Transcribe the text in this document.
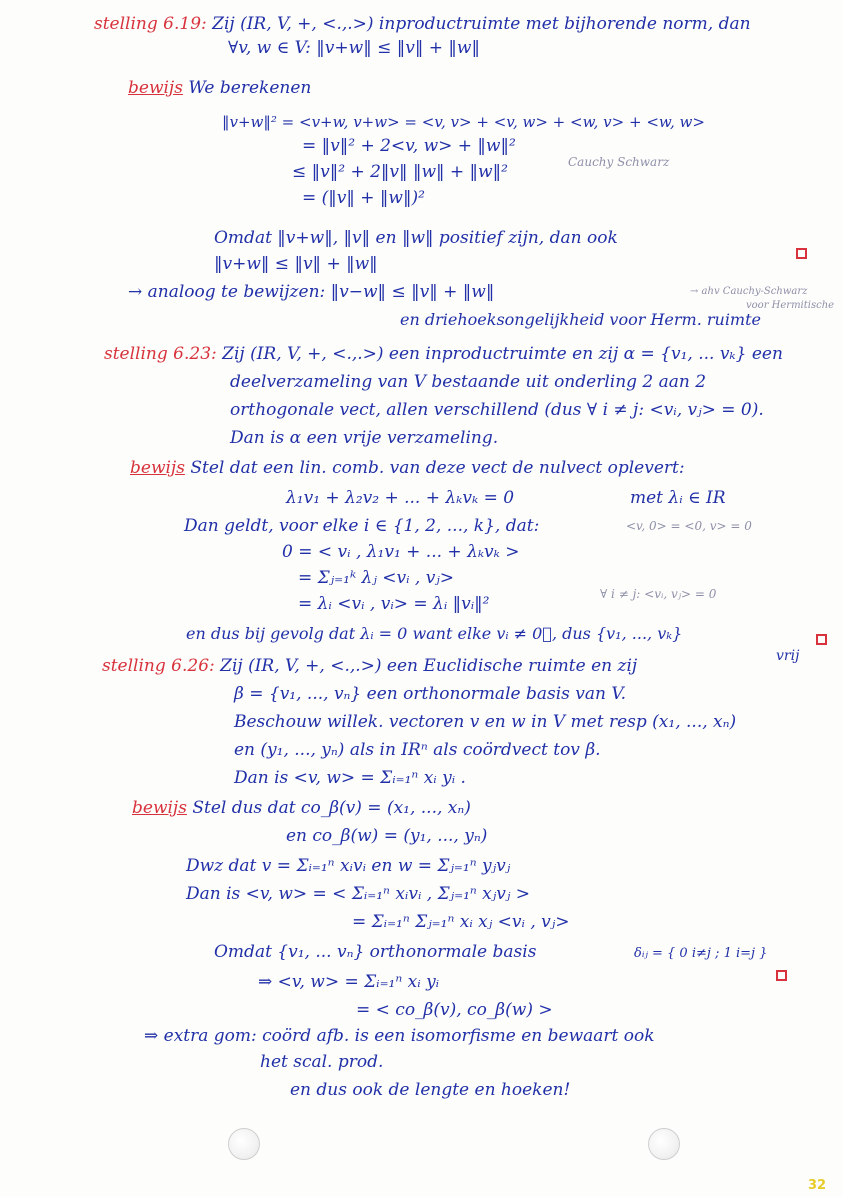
stelling 6.19: Zij (IR, V, +, <.,.>) inproductruimte met bijhorende norm, dan
∀v, w ∈ V: ‖v+w‖ ≤ ‖v‖ + ‖w‖
bewijs We berekenen
‖v+w‖² = <v+w, v+w> = <v, v> + <v, w> + <w, v> + <w, w>
= ‖v‖² + 2<v, w> + ‖w‖²
≤ ‖v‖² + 2‖v‖ ‖w‖ + ‖w‖²	Cauchy Schwarz
= (‖v‖ + ‖w‖)²
Omdat ‖v+w‖, ‖v‖ en ‖w‖ positief zijn, dan ook
‖v+w‖ ≤ ‖v‖ + ‖w‖
→ analoog te bewijzen: ‖v−w‖ ≤ ‖v‖ + ‖w‖	→ ahv Cauchy-Schwarz
voor Hermitische
en driehoeksongelijkheid voor Herm. ruimte
stelling 6.23: Zij (IR, V, +, <.,.>) een inproductruimte en zij α = {v₁, ... vₖ} een
deelverzameling van V bestaande uit onderling 2 aan 2
orthogonale vect, allen verschillend (dus ∀ i ≠ j: <vᵢ, vⱼ> = 0).
Dan is α een vrije verzameling.
bewijs Stel dat een lin. comb. van deze vect de nulvect oplevert:
λ₁v₁ + λ₂v₂ + ... + λₖvₖ = 0	met λᵢ ∈ IR
Dan geldt, voor elke i ∈ {1, 2, ..., k}, dat:	<v, 0> = <0, v> = 0
0 = < vᵢ , λ₁v₁ + ... + λₖvₖ >
= Σⱼ₌₁ᵏ λⱼ <vᵢ , vⱼ>
= λᵢ <vᵢ , vᵢ> = λᵢ ‖vᵢ‖²	∀ i ≠ j: <vᵢ, vⱼ> = 0
en dus bij gevolg dat λᵢ = 0 want elke vᵢ ≠ 0⃗, dus {v₁, ..., vₖ}
vrij
stelling 6.26: Zij (IR, V, +, <.,.>) een Euclidische ruimte en zij
β = {v₁, ..., vₙ} een orthonormale basis van V.
Beschouw willek. vectoren v en w in V met resp (x₁, ..., xₙ)
en (y₁, ..., yₙ) als in IRⁿ als coördvect tov β.
Dan is <v, w> = Σᵢ₌₁ⁿ xᵢ yᵢ .
bewijs Stel dus dat co_β(v) = (x₁, ..., xₙ)
en co_β(w) = (y₁, ..., yₙ)
Dwz dat v = Σᵢ₌₁ⁿ xᵢvᵢ en w = Σⱼ₌₁ⁿ yⱼvⱼ
Dan is <v, w> = < Σᵢ₌₁ⁿ xᵢvᵢ , Σⱼ₌₁ⁿ xⱼvⱼ >
= Σᵢ₌₁ⁿ Σⱼ₌₁ⁿ xᵢ xⱼ <vᵢ , vⱼ>
Omdat {v₁, ... vₙ} orthonormale basis	δᵢⱼ = { 0 i≠j ; 1 i=j }
⇒ <v, w> = Σᵢ₌₁ⁿ xᵢ yᵢ
= < co_β(v), co_β(w) >
⇒ extra gom: coörd afb. is een isomorfisme en bewaart ook
het scal. prod.
en dus ook de lengte en hoeken!
32
